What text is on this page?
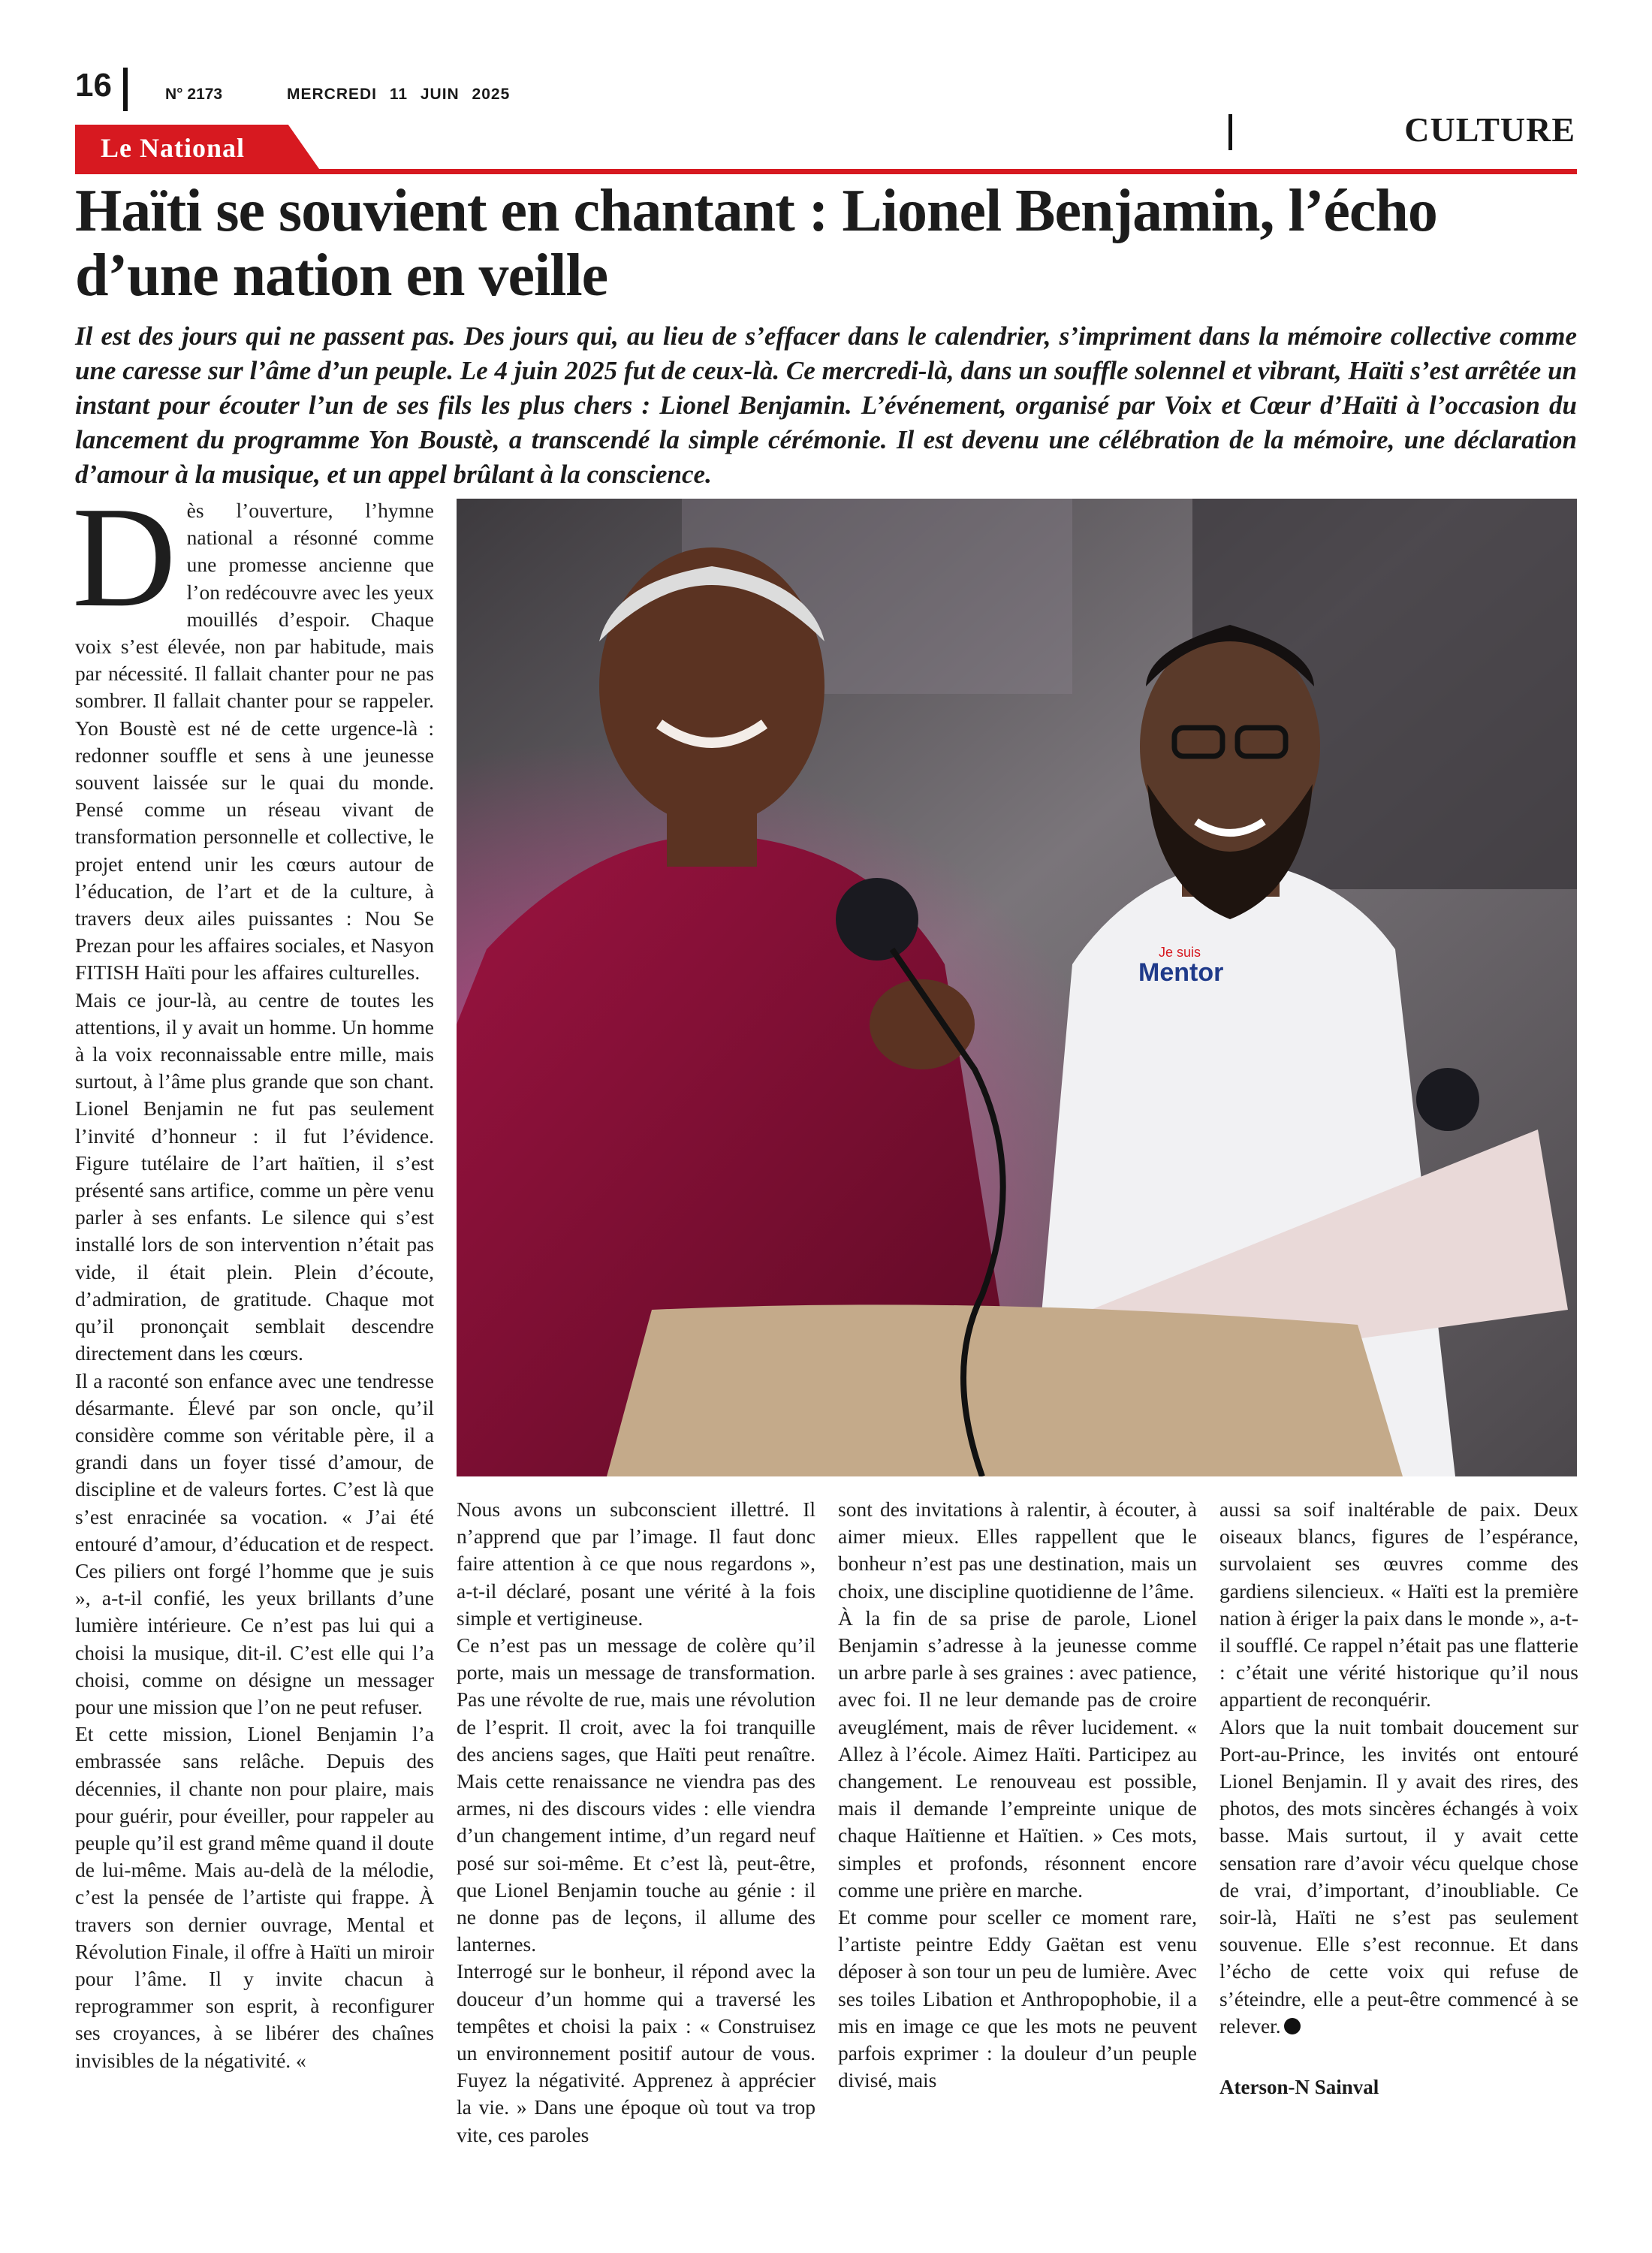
16	N° 2173	MERCREDI 11 JUIN 2025
CULTURE
Le National
Haïti se souvient en chantant : Lionel Benjamin, l’écho d’une nation en veille

Il est des jours qui ne passent pas. Des jours qui, au lieu de s’effacer dans le calendrier, s’impriment dans la mémoire collective comme une caresse sur l’âme d’un peuple. Le 4 juin 2025 fut de ceux-là. Ce mercredi-là, dans un souffle solennel et vibrant, Haïti s’est arrêtée un instant pour écouter l’un de ses fils les plus chers : Lionel Benjamin. L’événement, organisé par Voix et Cœur d’Haïti à l’occasion du lancement du programme Yon Boustè, a transcendé la simple cérémonie. Il est devenu une célébration de la mémoire, une déclaration d’amour à la musique, et un appel brûlant à la conscience.

Je suis
Mentor
D ès l’ouverture, l’hymne national a résonné comme une promesse ancienne que l’on redécouvre avec les yeux mouillés d’espoir. Chaque voix s’est élevée, non par habitude, mais par nécessité. Il fallait chanter pour ne pas sombrer. Il fallait chanter pour se rappeler. Yon Boustè est né de cette urgence-là : redonner souffle et sens à une jeunesse souvent laissée sur le quai du monde. Pensé comme un réseau vivant de transformation personnelle et collective, le projet entend unir les cœurs autour de l’éducation, de l’art et de la culture, à travers deux ailes puissantes : Nou Se Prezan pour les affaires sociales, et Nasyon FITISH Haïti pour les affaires culturelles.

Mais ce jour-là, au centre de toutes les attentions, il y avait un homme. Un homme à la voix reconnaissable entre mille, mais surtout, à l’âme plus grande que son chant. Lionel Benjamin ne fut pas seulement l’invité d’honneur : il fut l’évidence. Figure tutélaire de l’art haïtien, il s’est présenté sans artifice, comme un père venu parler à ses enfants. Le silence qui s’est installé lors de son intervention n’était pas vide, il était plein. Plein d’écoute, d’admiration, de gratitude. Chaque mot qu’il prononçait semblait descendre directement dans les cœurs.

Il a raconté son enfance avec une tendresse désarmante. Élevé par son oncle, qu’il considère comme son véritable père, il a grandi dans un foyer tissé d’amour, de discipline et de valeurs fortes. C’est là que s’est enracinée sa vocation. « J’ai été entouré d’amour, d’éducation et de respect. Ces piliers ont forgé l’homme que je suis », a-t-il confié, les yeux brillants d’une lumière intérieure. Ce n’est pas lui qui a choisi la musique, dit-il. C’est elle qui l’a choisi, comme on désigne un messager pour une mission que l’on ne peut refuser.

Et cette mission, Lionel Benjamin l’a embrassée sans relâche. Depuis des décennies, il chante non pour plaire, mais pour guérir, pour éveiller, pour rappeler au peuple qu’il est grand même quand il doute de lui-même. Mais au-delà de la mélodie, c’est la pensée de l’artiste qui frappe. À travers son dernier ouvrage, Mental et Révolution Finale, il offre à Haïti un miroir pour l’âme. Il y invite chacun à reprogrammer son esprit, à reconfigurer ses croyances, à se libérer des chaînes invisibles de la négativité. «

Nous avons un subconscient illettré. Il n’apprend que par l’image. Il faut donc faire attention à ce que nous regardons », a-t-il déclaré, posant une vérité à la fois simple et vertigineuse.

Ce n’est pas un message de colère qu’il porte, mais un message de transformation. Pas une révolte de rue, mais une révolution de l’esprit. Il croit, avec la foi tranquille des anciens sages, que Haïti peut renaître. Mais cette renaissance ne viendra pas des armes, ni des discours vides : elle viendra d’un changement intime, d’un regard neuf posé sur soi-même. Et c’est là, peut-être, que Lionel Benjamin touche au génie : il ne donne pas de leçons, il allume des lanternes.

Interrogé sur le bonheur, il répond avec la douceur d’un homme qui a traversé les tempêtes et choisi la paix : « Construisez un environnement positif autour de vous. Fuyez la négativité. Apprenez à apprécier la vie. » Dans une époque où tout va trop vite, ces paroles

sont des invitations à ralentir, à écouter, à aimer mieux. Elles rappellent que le bonheur n’est pas une destination, mais un choix, une discipline quotidienne de l’âme.

À la fin de sa prise de parole, Lionel Benjamin s’adresse à la jeunesse comme un arbre parle à ses graines : avec patience, avec foi. Il ne leur demande pas de croire aveuglément, mais de rêver lucidement. « Allez à l’école. Aimez Haïti. Participez au changement. Le renouveau est possible, mais il demande l’empreinte unique de chaque Haïtienne et Haïtien. » Ces mots, simples et profonds, résonnent encore comme une prière en marche.

Et comme pour sceller ce moment rare, l’artiste peintre Eddy Gaëtan est venu déposer à son tour un peu de lumière. Avec ses toiles Libation et Anthropophobie, il a mis en image ce que les mots ne peuvent parfois exprimer : la douleur d’un peuple divisé, mais

aussi sa soif inaltérable de paix. Deux oiseaux blancs, figures de l’espérance, survolaient ses œuvres comme des gardiens silencieux. « Haïti est la première nation à ériger la paix dans le monde », a-t-il soufflé. Ce rappel n’était pas une flatterie : c’était une vérité historique qu’il nous appartient de reconquérir.

Alors que la nuit tombait doucement sur Port-au-Prince, les invités ont entouré Lionel Benjamin. Il y avait des rires, des photos, des mots sincères échangés à voix basse. Mais surtout, il y avait cette sensation rare d’avoir vécu quelque chose de vrai, d’important, d’inoubliable. Ce soir-là, Haïti ne s’est pas seulement souvenue. Elle s’est reconnue. Et dans l’écho de cette voix qui refuse de s’éteindre, elle a peut-être commencé à se relever.

Aterson-N Sainval
